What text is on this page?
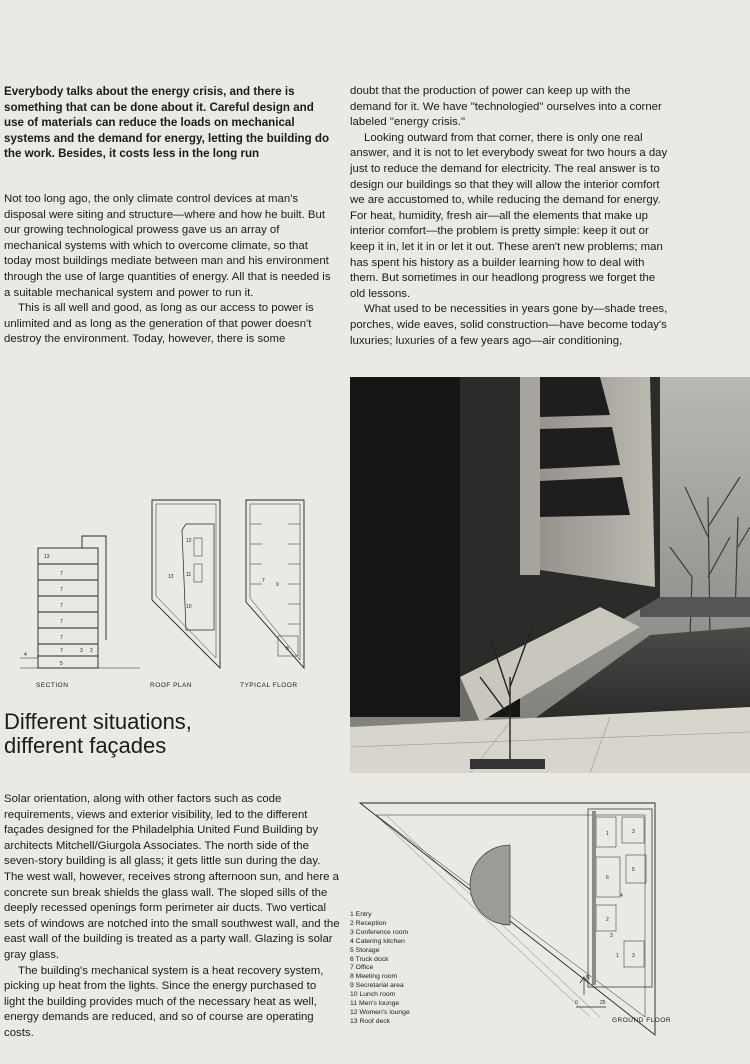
Everybody talks about the energy crisis, and there is something that can be done about it. Careful design and use of materials can reduce the loads on mechanical systems and the demand for energy, letting the building do the work. Besides, it costs less in the long run

Not too long ago, the only climate control devices at man's disposal were siting and structure—where and how he built. But our growing technological prowess gave us an array of mechanical systems with which to overcome climate, so that today most buildings mediate between man and his environment through the use of large quantities of energy. All that is needed is a suitable mechanical system and power to run it.

This is all well and good, as long as our access to power is unlimited and as long as the generation of that power doesn't destroy the environment. Today, however, there is some

doubt that the production of power can keep up with the demand for it. We have "technologied" ourselves into a corner labeled "energy crisis."

Looking outward from that corner, there is only one real answer, and it is not to let everybody sweat for two hours a day just to reduce the demand for electricity. The real answer is to design our buildings so that they will allow the interior comfort we are accustomed to, while reducing the demand for energy. For heat, humidity, fresh air—all the elements that make up interior comfort—the problem is pretty simple: keep it out or keep it in, let it in or let it out. These aren't new problems; man has spent his history as a builder learning how to deal with them. But sometimes in our headlong progress we forget the old lessons.

What used to be necessities in years gone by—shade trees, porches, wide eaves, solid construction—have become today's luxuries; luxuries of a few years ago—air conditioning,

13
7
7
7
7
7
7	3 2
5
4
12
11
13
10
7
9
8
SECTION	ROOF PLAN	TYPICAL FLOOR
Different situations,
different façades

Solar orientation, along with other factors such as code requirements, views and exterior visibility, led to the different façades designed for the Philadelphia United Fund Building by architects Mitchell/Giurgola Associates. The north side of the seven-story building is all glass; it gets little sun during the day. The west wall, however, receives strong afternoon sun, and here a concrete sun break shields the glass wall. The sloped sills of the deeply recessed openings form perimeter air ducts. Two vertical sets of windows are notched into the small southwest wall, and the east wall of the building is treated as a party wall. Glazing is solar gray glass.

The building's mechanical system is a heat recovery system, picking up heat from the lights. Since the energy purchased to light the building provides much of the necessary heat as well, energy demands are reduced, and so of course are operating costs.

1	3
6
5
4
2
3
3
1
N
0	25
GROUND FLOOR
1 Entry
2 Reception
3 Conference room
4 Catering kitchen
5 Storage
6 Truck dock
7 Office
8 Meeting room
9 Secretarial area
10 Lunch room
11 Men's lounge
12 Women's lounge
13 Roof deck
